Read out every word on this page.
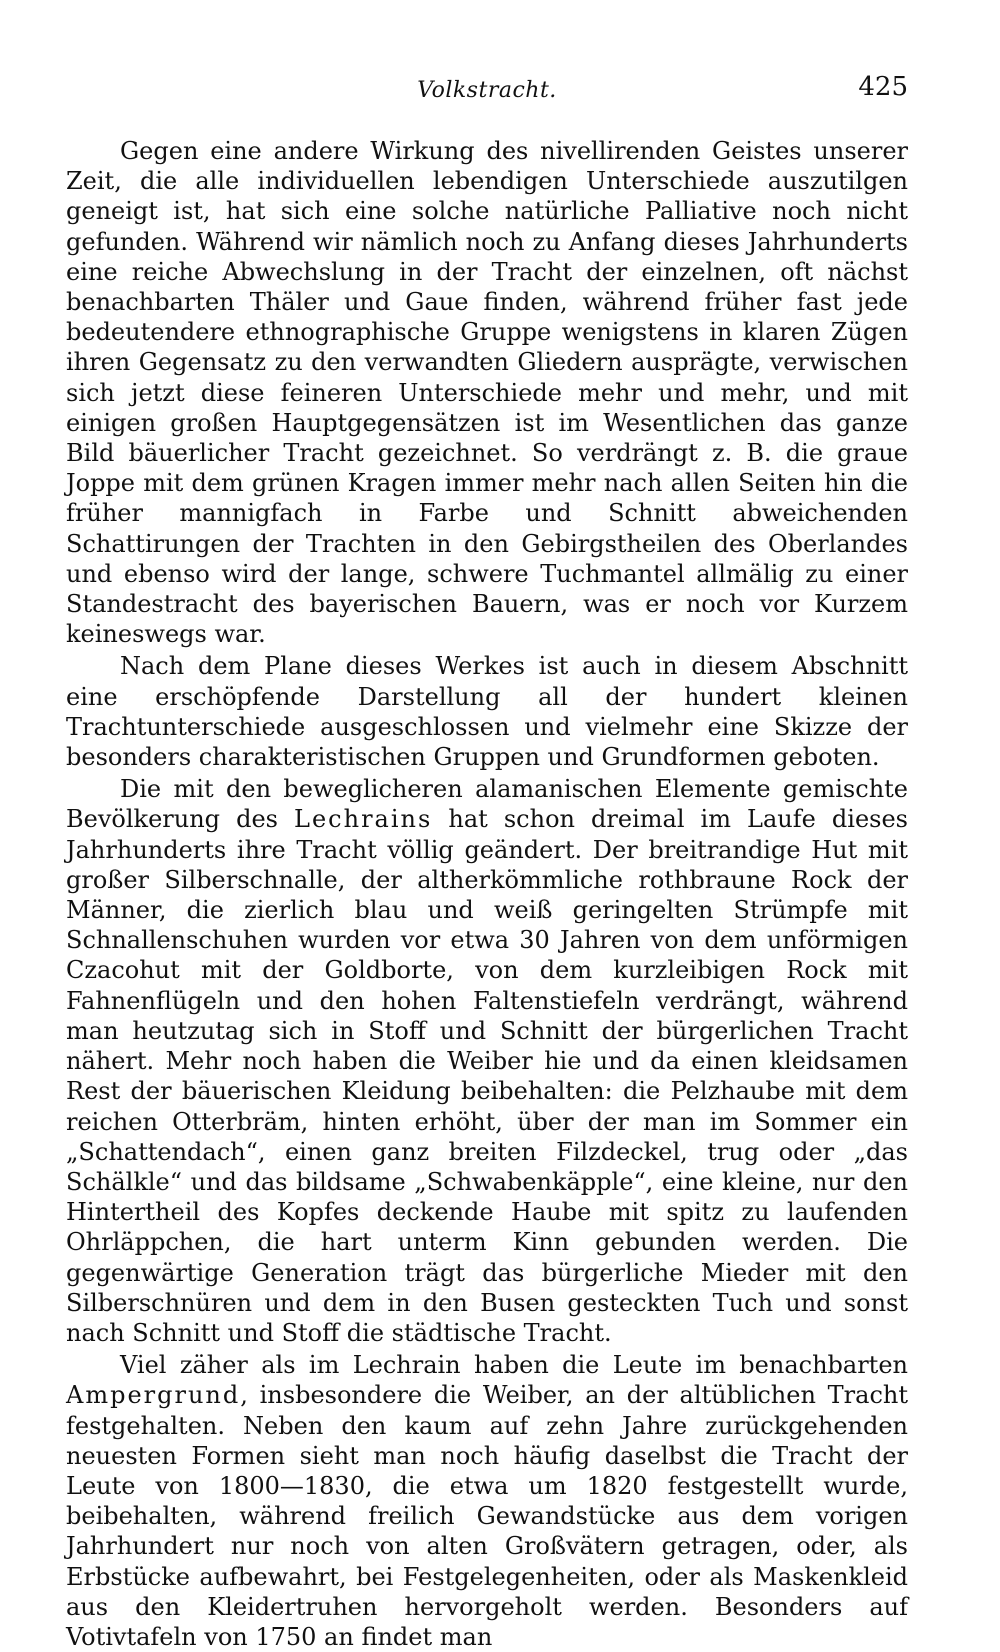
Volkstracht.	425

Gegen eine andere Wirkung des nivellirenden Geistes unserer Zeit, die alle individuellen lebendigen Unterschiede auszutilgen geneigt ist, hat sich eine solche natürliche Palliative noch nicht gefunden. Während wir nämlich noch zu Anfang dieses Jahrhunderts eine reiche Abwechslung in der Tracht der einzelnen, oft nächst benachbarten Thäler und Gaue finden, während früher fast jede bedeutendere ethnographische Gruppe wenigstens in klaren Zügen ihren Gegensatz zu den verwandten Gliedern ausprägte, verwischen sich jetzt diese feineren Unterschiede mehr und mehr, und mit einigen großen Hauptgegensätzen ist im Wesentlichen das ganze Bild bäuerlicher Tracht gezeichnet. So verdrängt z. B. die graue Joppe mit dem grünen Kragen immer mehr nach allen Seiten hin die früher mannigfach in Farbe und Schnitt abweichenden Schattirungen der Trachten in den Gebirgstheilen des Oberlandes und ebenso wird der lange, schwere Tuchmantel allmälig zu einer Standestracht des bayerischen Bauern, was er noch vor Kurzem keineswegs war.

Nach dem Plane dieses Werkes ist auch in diesem Abschnitt eine erschöpfende Darstellung all der hundert kleinen Trachtunterschiede ausgeschlossen und vielmehr eine Skizze der besonders charakteristischen Gruppen und Grundformen geboten.

Die mit den beweglicheren alamanischen Elemente gemischte Bevölkerung des Lechrains hat schon dreimal im Laufe dieses Jahrhunderts ihre Tracht völlig geändert. Der breitrandige Hut mit großer Silberschnalle, der altherkömmliche rothbraune Rock der Männer, die zierlich blau und weiß geringelten Strümpfe mit Schnallenschuhen wurden vor etwa 30 Jahren von dem unförmigen Czacohut mit der Goldborte, von dem kurzleibigen Rock mit Fahnenflügeln und den hohen Faltenstiefeln verdrängt, während man heutzutag sich in Stoff und Schnitt der bürgerlichen Tracht nähert. Mehr noch haben die Weiber hie und da einen kleidsamen Rest der bäuerischen Kleidung beibehalten: die Pelzhaube mit dem reichen Otterbräm, hinten erhöht, über der man im Sommer ein „Schattendach“, einen ganz breiten Filzdeckel, trug oder „das Schälkle“ und das bildsame „Schwabenkäpple“, eine kleine, nur den Hintertheil des Kopfes deckende Haube mit spitz zu laufenden Ohrläppchen, die hart unterm Kinn gebunden werden. Die gegenwärtige Generation trägt das bürgerliche Mieder mit den Silberschnüren und dem in den Busen gesteckten Tuch und sonst nach Schnitt und Stoff die städtische Tracht.

Viel zäher als im Lechrain haben die Leute im benachbarten Ampergrund, insbesondere die Weiber, an der altüblichen Tracht festgehalten. Neben den kaum auf zehn Jahre zurückgehenden neuesten Formen sieht man noch häufig daselbst die Tracht der Leute von 1800—1830, die etwa um 1820 festgestellt wurde, beibehalten, während freilich Gewandstücke aus dem vorigen Jahrhundert nur noch von alten Großvätern getragen, oder, als Erbstücke aufbewahrt, bei Festgelegenheiten, oder als Maskenkleid aus den Kleidertruhen hervorgeholt werden. Besonders auf Votivtafeln von 1750 an findet man
